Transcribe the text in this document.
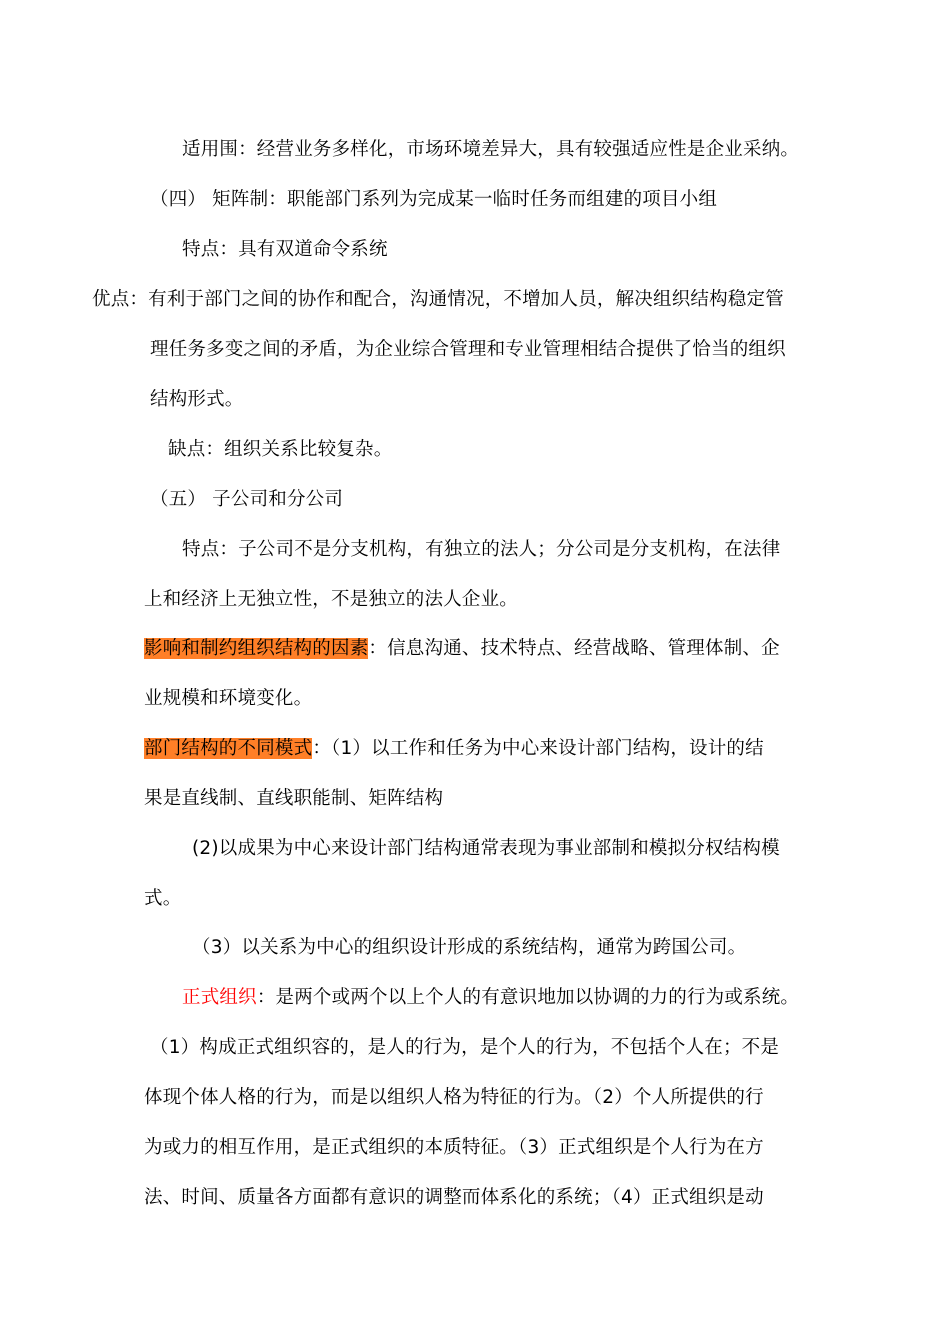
适用围：经营业务多样化，市场环境差异大，具有较强适应性是企业采纳。
（四） 矩阵制：职能部门系列为完成某一临时任务而组建的项目小组
特点：具有双道命令系统
优点：有利于部门之间的协作和配合，沟通情况，不增加人员，解决组织结构稳定管
理任务多变之间的矛盾，为企业综合管理和专业管理相结合提供了恰当的组织
结构形式。
缺点：组织关系比较复杂。
（五） 子公司和分公司
特点：子公司不是分支机构，有独立的法人；分公司是分支机构，在法律
上和经济上无独立性，不是独立的法人企业。
影响和制约组织结构的因素：信息沟通、技术特点、经营战略、管理体制、企
业规模和环境变化。
部门结构的不同模式：（1）以工作和任务为中心来设计部门结构，设计的结
果是直线制、直线职能制、矩阵结构
(2)以成果为中心来设计部门结构通常表现为事业部制和模拟分权结构模
式。
（3）以关系为中心的组织设计形成的系统结构，通常为跨国公司。
正式组织：是两个或两个以上个人的有意识地加以协调的力的行为或系统。
（1）构成正式组织容的，是人的行为，是个人的行为，不包括个人在；不是
体现个体人格的行为，而是以组织人格为特征的行为。（2）个人所提供的行
为或力的相互作用，是正式组织的本质特征。（3）正式组织是个人行为在方
法、时间、质量各方面都有意识的调整而体系化的系统；（4）正式组织是动
